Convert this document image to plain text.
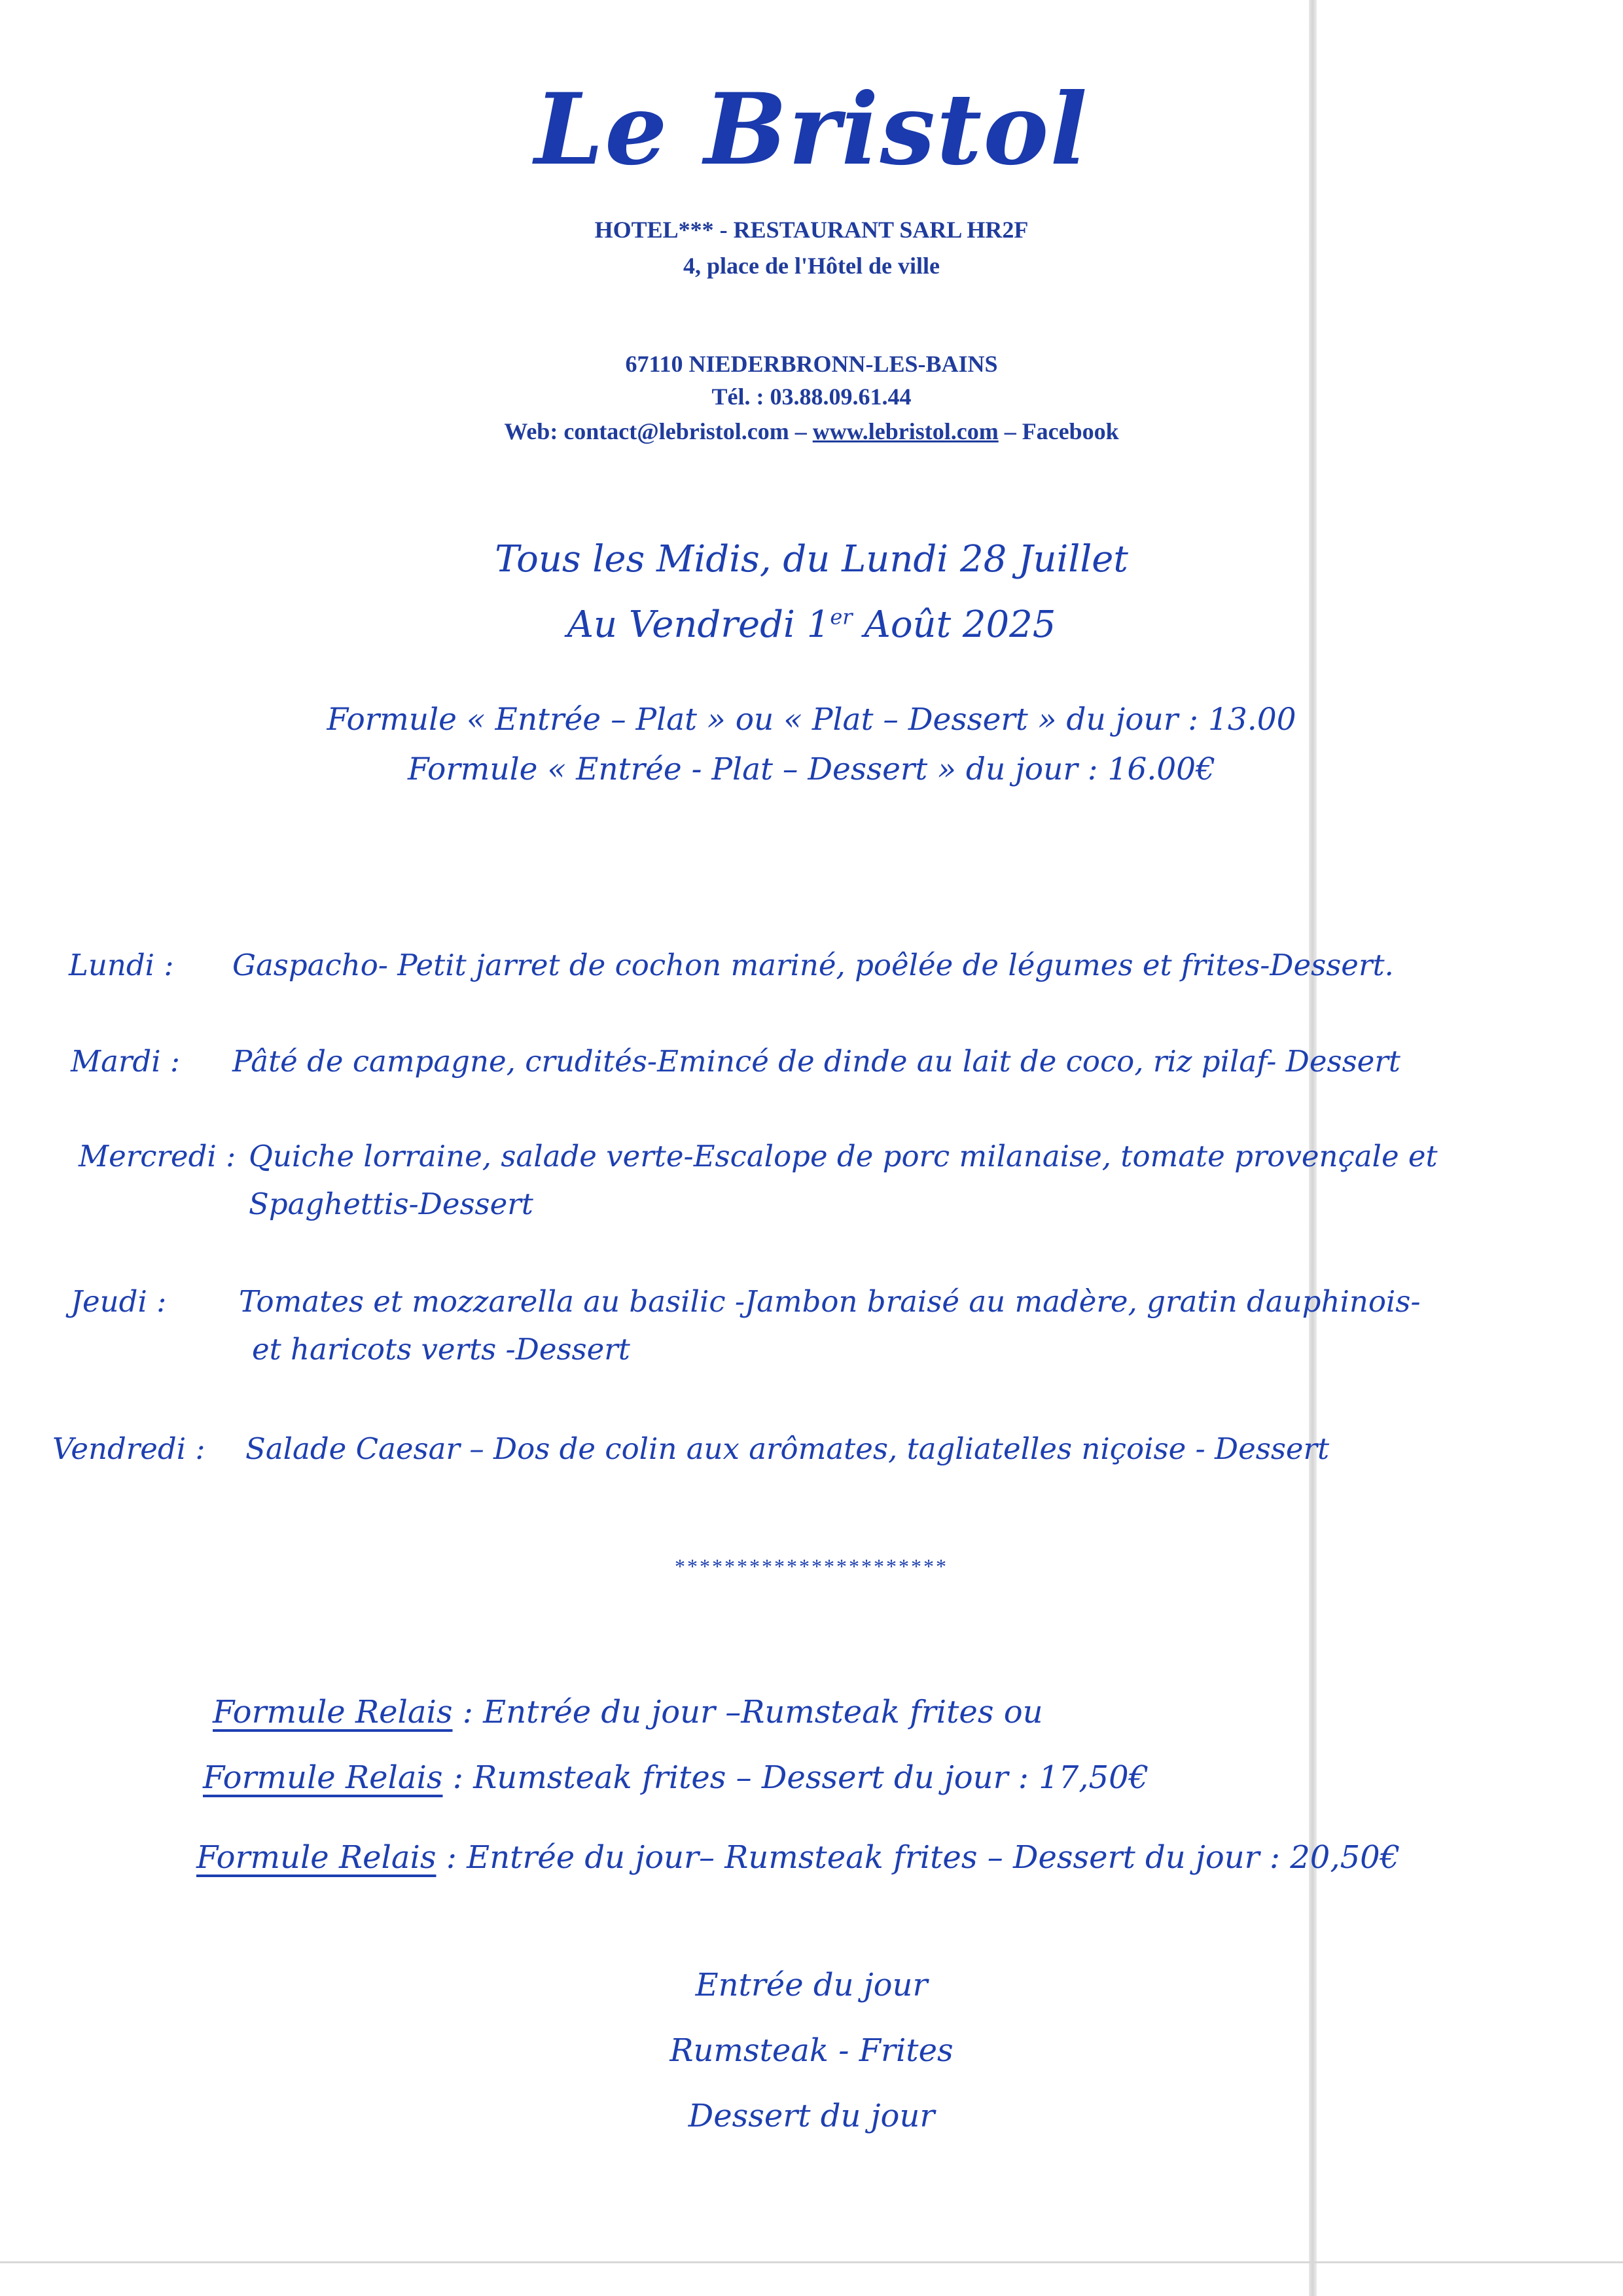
Le Bristol
HOTEL*** - RESTAURANT SARL HR2F
4, place de l'Hôtel de ville
67110 NIEDERBRONN-LES-BAINS
Tél. : 03.88.09.61.44
Web: contact@lebristol.com – www.lebristol.com – Facebook
Tous les Midis, du Lundi 28 Juillet
Au Vendredi 1er Août 2025
Formule « Entrée – Plat » ou « Plat – Dessert » du jour : 13.00
Formule « Entrée - Plat – Dessert » du jour : 16.00€
Lundi : Gaspacho- Petit jarret de cochon mariné, poêlée de légumes et frites-Dessert.
Mardi : Pâté de campagne, crudités-Emincé de dinde au lait de coco, riz pilaf- Dessert
Mercredi : Quiche lorraine, salade verte-Escalope de porc milanaise, tomate provençale et
Spaghettis-Dessert
Jeudi : Tomates et mozzarella au basilic -Jambon braisé au madère, gratin dauphinois-
et haricots verts -Dessert
Vendredi : Salade Caesar – Dos de colin aux arômates, tagliatelles niçoise - Dessert
**********************
Formule Relais : Entrée du jour –Rumsteak frites ou
Formule Relais : Rumsteak frites – Dessert du jour : 17,50€
Formule Relais : Entrée du jour– Rumsteak frites – Dessert du jour : 20,50€
Entrée du jour
Rumsteak - Frites
Dessert du jour
